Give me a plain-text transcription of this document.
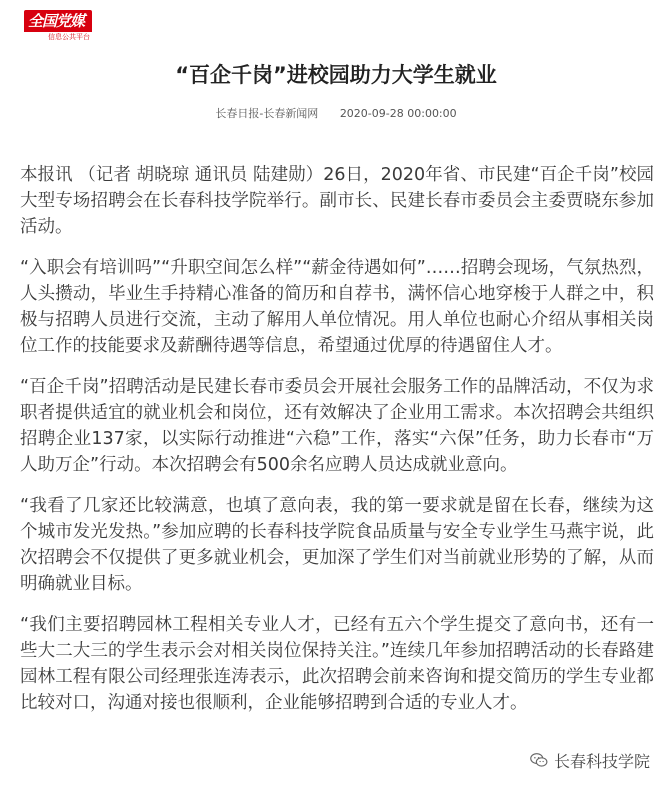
全国党媒
信息公共平台
“百企千岗”进校园助力大学生就业
长春日报-长春新闻网 2020-09-28 00:00:00

本报讯 （记者 胡晓琼 通讯员 陆建勋）26日，2020年省、市民建“百企千岗”校园大型专场招聘会在长春科技学院举行。副市长、民建长春市委员会主委贾晓东参加活动。

“入职会有培训吗”“升职空间怎么样”“薪金待遇如何”……招聘会现场，气氛热烈，人头攒动，毕业生手持精心准备的简历和自荐书，满怀信心地穿梭于人群之中，积极与招聘人员进行交流，主动了解用人单位情况。用人单位也耐心介绍从事相关岗位工作的技能要求及薪酬待遇等信息，希望通过优厚的待遇留住人才。

“百企千岗”招聘活动是民建长春市委员会开展社会服务工作的品牌活动，不仅为求职者提供适宜的就业机会和岗位，还有效解决了企业用工需求。本次招聘会共组织招聘企业137家，以实际行动推进“六稳”工作，落实“六保”任务，助力长春市“万人助万企”行动。本次招聘会有500余名应聘人员达成就业意向。

“我看了几家还比较满意，也填了意向表，我的第一要求就是留在长春，继续为这个城市发光发热。”参加应聘的长春科技学院食品质量与安全专业学生马燕宇说，此次招聘会不仅提供了更多就业机会，更加深了学生们对当前就业形势的了解，从而明确就业目标。

“我们主要招聘园林工程相关专业人才，已经有五六个学生提交了意向书，还有一些大二大三的学生表示会对相关岗位保持关注。”连续几年参加招聘活动的长春路建园林工程有限公司经理张连涛表示，此次招聘会前来咨询和提交简历的学生专业都比较对口，沟通对接也很顺利，企业能够招聘到合适的专业人才。

长春科技学院
